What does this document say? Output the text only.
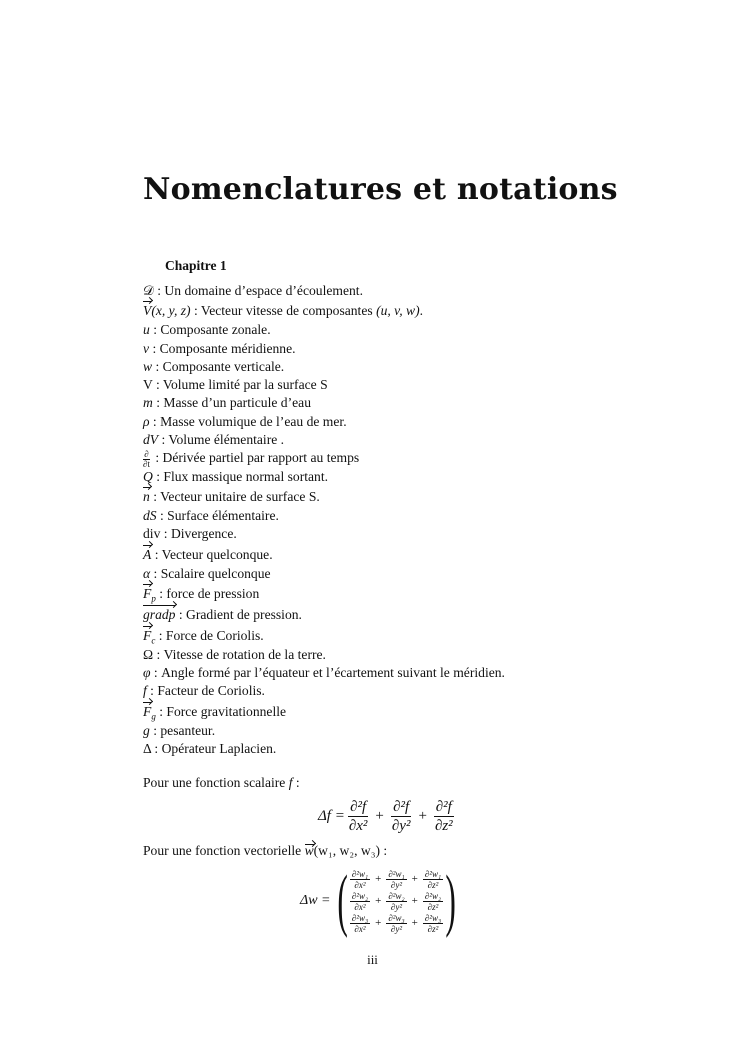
Nomenclatures et notations
Chapitre 1
𝒟 : Un domaine d’espace d’écoulement.
V(x, y, z) : Vecteur vitesse de composantes (u, v, w).
u : Composante zonale.
v : Composante méridienne.
w : Composante verticale.
V : Volume limité par la surface S
m : Masse d’un particule d’eau
ρ : Masse volumique de l’eau de mer.
dV : Volume élémentaire .
$\frac{\partial}{\partial t}$ : Dérivée partiel par rapport au temps
Q : Flux massique normal sortant.
n : Vecteur unitaire de surface S.
dS : Surface élémentaire.
div : Divergence.
A : Vecteur quelconque.
α : Scalaire quelconque
$F_p$ : force de pression
gradp : Gradient de pression.
$F_c$ : Force de Coriolis.
Ω : Vitesse de rotation de la terre.
φ : Angle formé par l’équateur et l’écartement suivant le méridien.
f : Facteur de Coriolis.
$F_g$ : Force gravitationnelle
g : pesanteur.
Δ : Opérateur Laplacien.
Pour une fonction scalaire f :
$\Delta f = \frac{\text{∂²f}}{\text{∂x²}} + \frac{\text{∂²f}}{\text{∂y²}} + \frac{\text{∂²f}}{\text{∂z²}}$
Pour une fonction vectorielle w(w₁, w₂, w₃) :
Δw = ( $\frac{\text{∂²w₁}}{\text{∂x²}} + \frac{\text{∂²w₁}}{\text{∂y²}} + \frac{\text{∂²w₁}}{\text{∂z²}}$
$\frac{\text{∂²w₂}}{\text{∂x²}} + \frac{\text{∂²w₂}}{\text{∂y²}} + \frac{\text{∂²w₂}}{\text{∂z²}}$
$\frac{\text{∂²w₃}}{\text{∂x²}} + \frac{\text{∂²w₃}}{\text{∂y²}} + \frac{\text{∂²w₃}}{\text{∂z²}}$ )
iii
